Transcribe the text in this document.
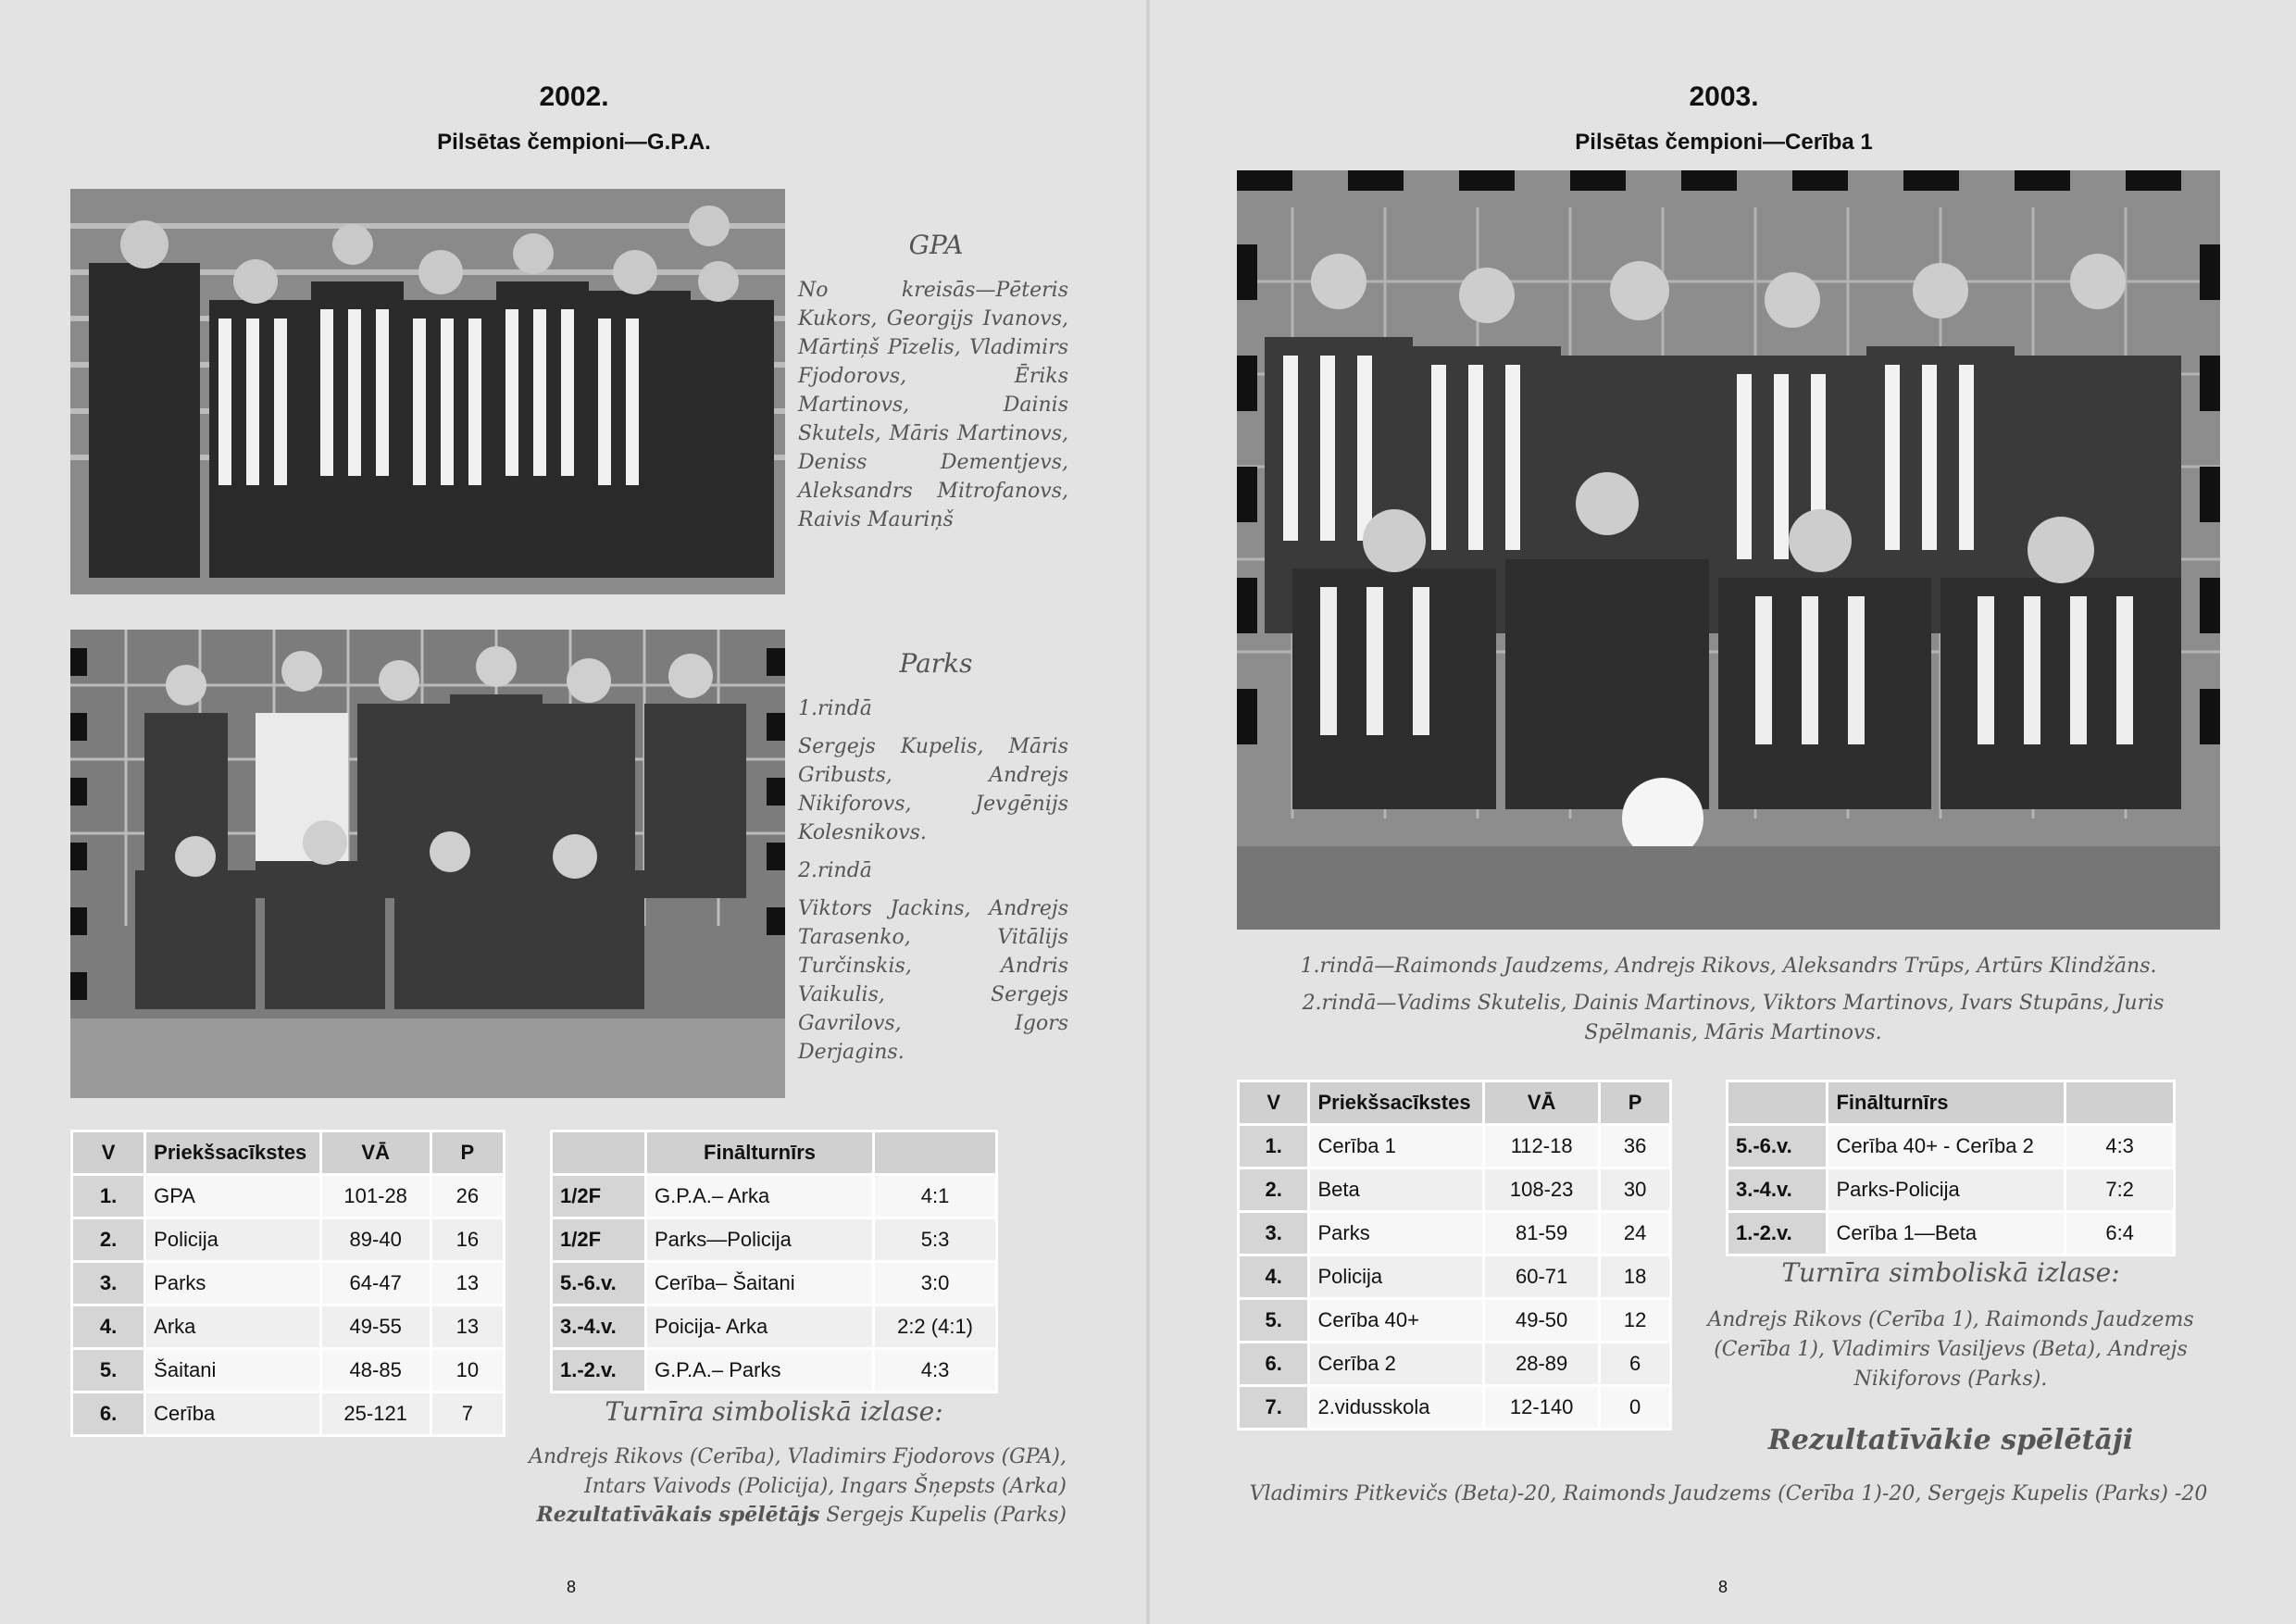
2002.
Pilsētas čempioni—G.P.A.
GPA
No kreisās—Pēteris Kukors, Georgijs Ivanovs, Mārtiņš Pīzelis, Vladimirs Fjodorovs, Ēriks Martinovs, Dainis Skutels, Māris Martinovs, Deniss Dementjevs, Aleksandrs Mitrofanovs, Raivis Mauriņš
Parks

1.rindā

Sergejs Kupelis, Māris Gribusts, Andrejs Nikiforovs, Jevgēnijs Kolesnikovs.

2.rindā

Viktors Jackins, Andrejs Tarasenko, Vitālijs Turčinskis, Andris Vaikulis, Sergejs Gavrilovs, Igors Derjagins.

V	Priekšsacīkstes	VĀ	P
1.	GPA	101-28	26
2.	Policija	89-40	16
3.	Parks	64-47	13
4.	Arka	49-55	13
5.	Šaitani	48-85	10
6.	Cerība	25-121	7
	Finālturnīrs	
1/2F	G.P.A.– Arka	4:1
1/2F	Parks—Policija	5:3
5.-6.v.	Cerība– Šaitani	3:0
3.-4.v.	Poicija- Arka	2:2 (4:1)
1.-2.v.	G.P.A.– Parks	4:3
Turnīra simboliskā izlase:
Andrejs Rikovs (Cerība), Vladimirs Fjodorovs (GPA), Intars Vaivods (Policija), Ingars Šņepsts (Arka)
Rezultatīvākais spēlētājs Sergejs Kupelis (Parks)
8
2003.
Pilsētas čempioni—Cerība 1
1.rindā—Raimonds Jaudzems, Andrejs Rikovs, Aleksandrs Trūps, Artūrs Klindžāns.
2.rindā—Vadims Skutelis, Dainis Martinovs, Viktors Martinovs, Ivars Stupāns, Juris Spēlmanis, Māris Martinovs.
V	Priekšsacīkstes	VĀ	P
1.	Cerība 1	112-18	36
2.	Beta	108-23	30
3.	Parks	81-59	24
4.	Policija	60-71	18
5.	Cerība 40+	49-50	12
6.	Cerība 2	28-89	6
7.	2.vidusskola	12-140	0
	Finālturnīrs	
5.-6.v.	Cerība 40+ - Cerība 2	4:3
3.-4.v.	Parks-Policija	7:2
1.-2.v.	Cerība 1—Beta	6:4
Turnīra simboliskā izlase:
Andrejs Rikovs (Cerība 1), Raimonds Jaudzems (Cerība 1), Vladimirs Vasiljevs (Beta), Andrejs Nikiforovs (Parks).
Rezultatīvākie spēlētāji
Vladimirs Pitkevičs (Beta)-20, Raimonds Jaudzems (Cerība 1)-20, Sergejs Kupelis (Parks) -20
8
